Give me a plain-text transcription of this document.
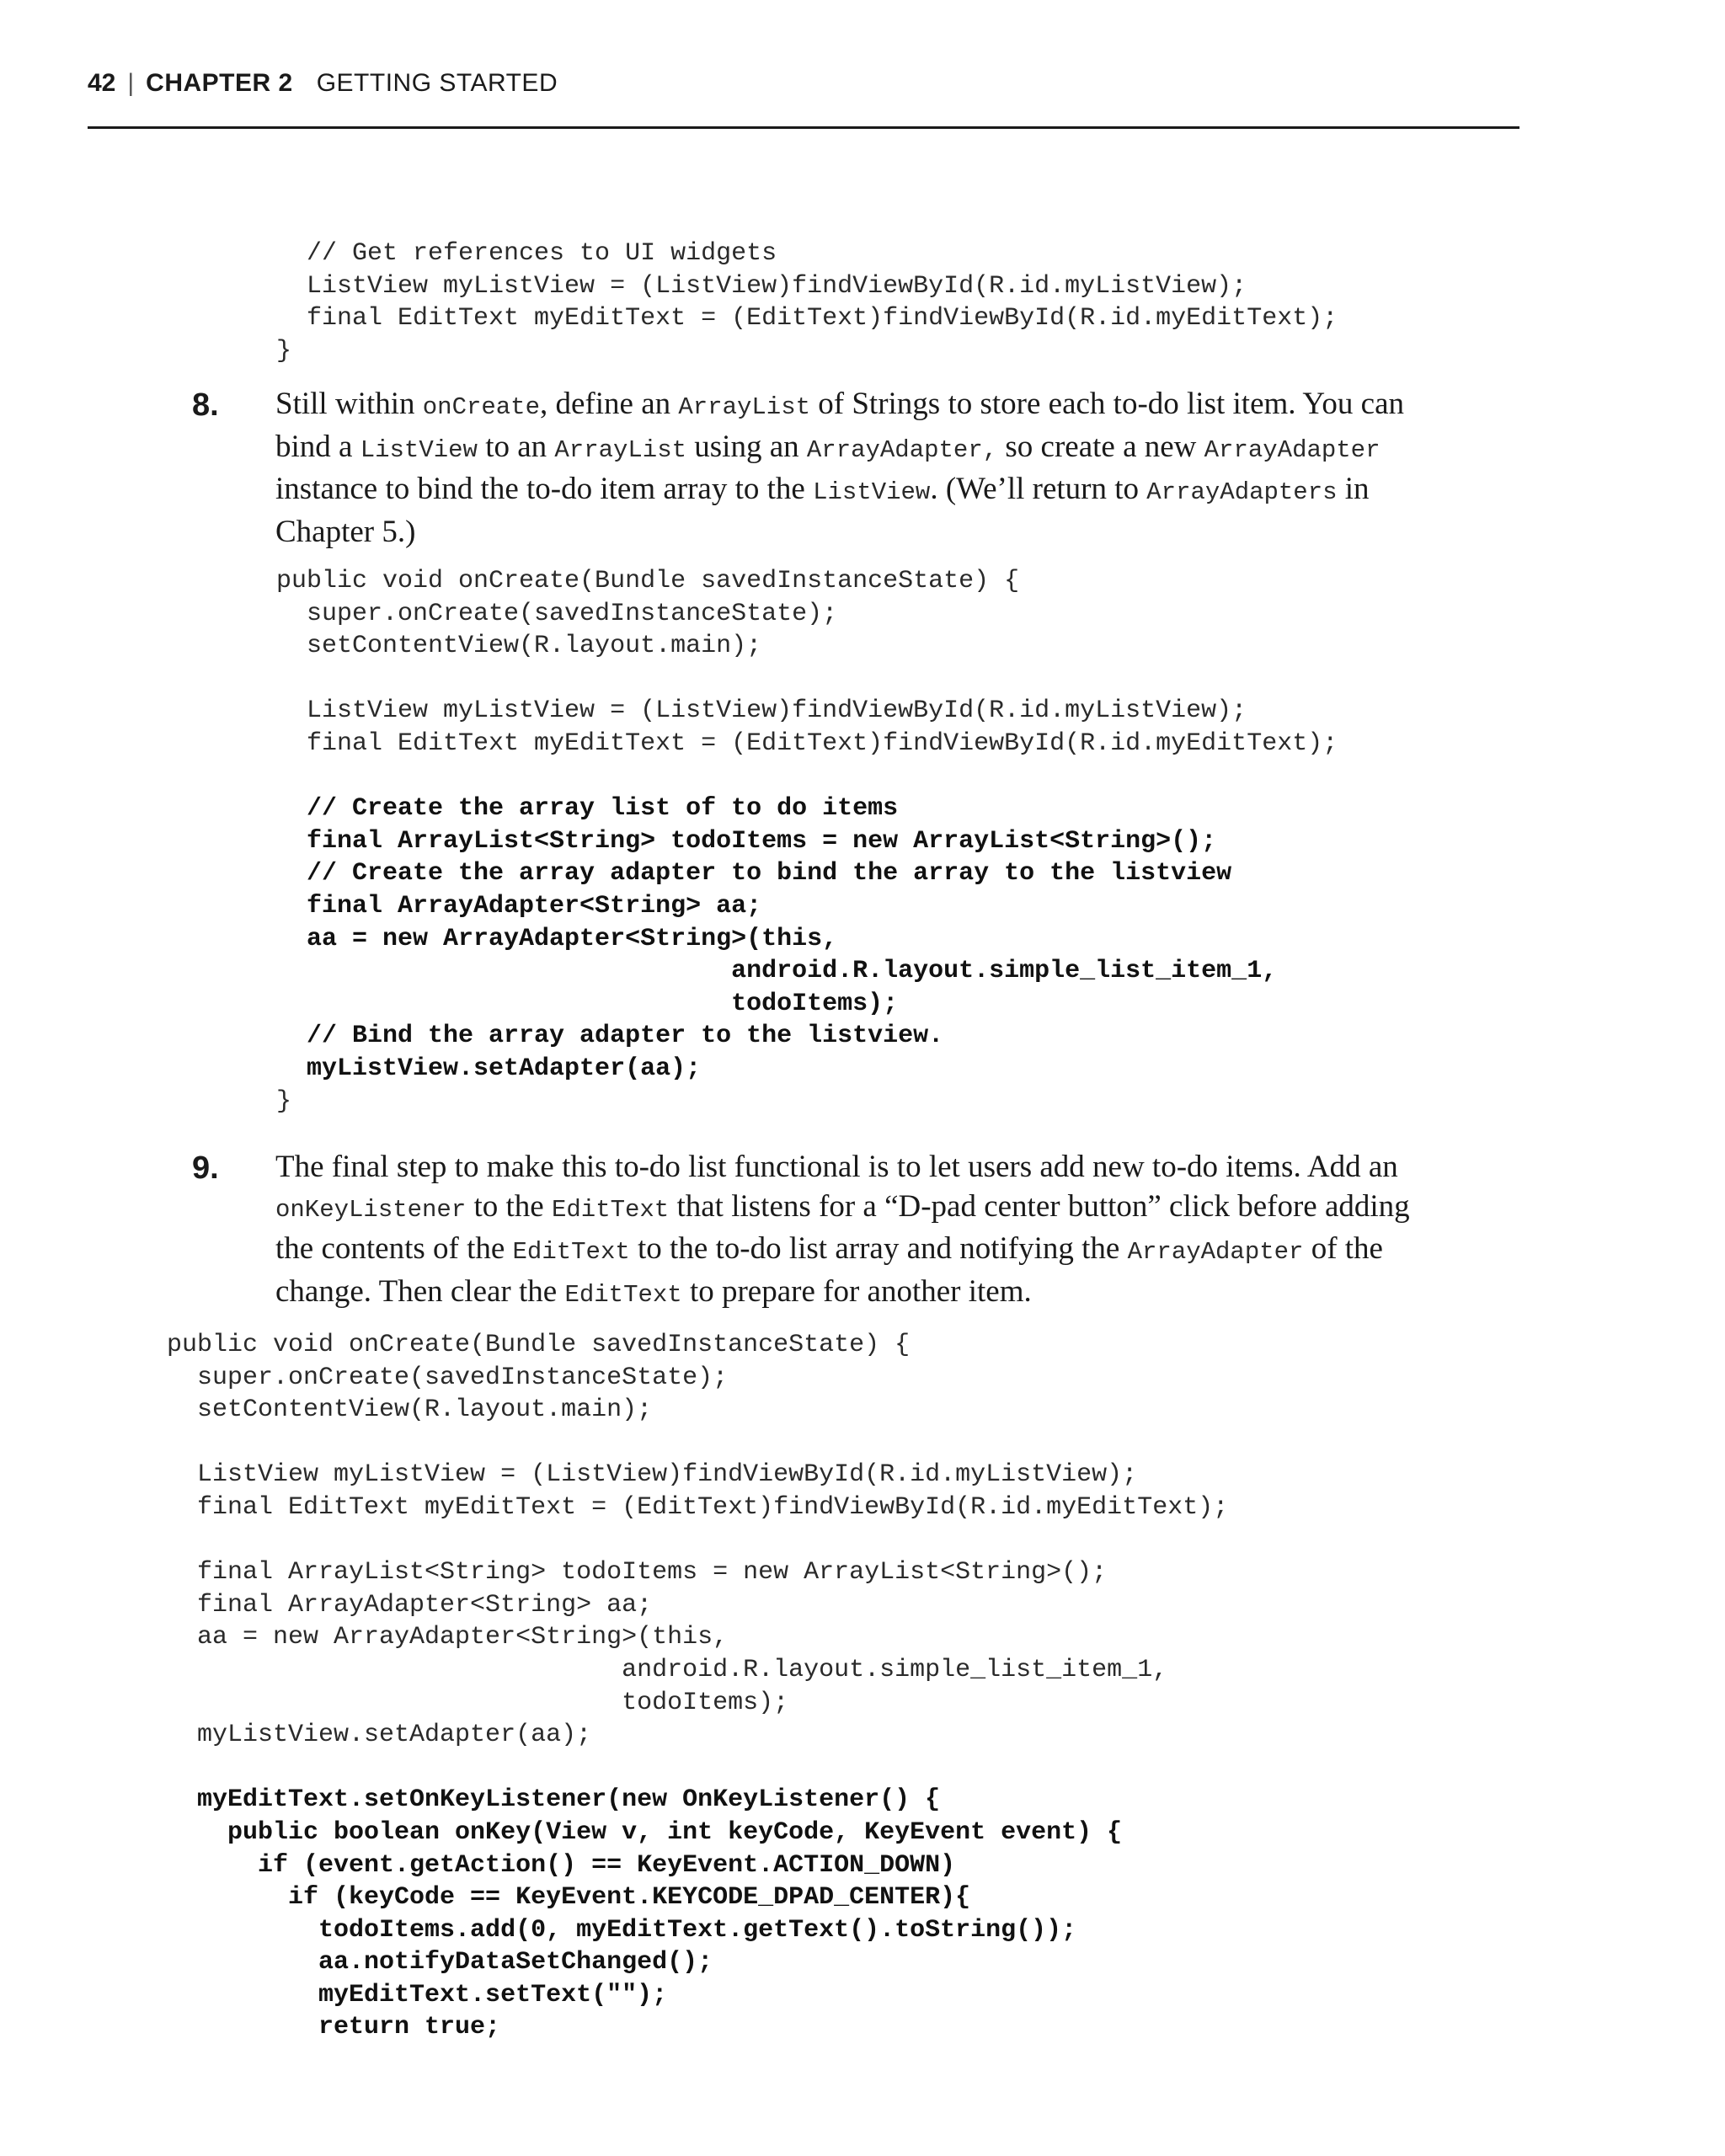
42 | CHAPTER 2 GETTING STARTED
// Get references to UI widgets
ListView myListView = (ListView)findViewById(R.id.myListView);
final EditText myEditText = (EditText)findViewById(R.id.myEditText);
}
8. Still within onCreate, define an ArrayList of Strings to store each to-do list item. You can
bind a ListView to an ArrayList using an ArrayAdapter, so create a new ArrayAdapter
instance to bind the to-do item array to the ListView. (We’ll return to ArrayAdapters in
Chapter 5.)
public void onCreate(Bundle savedInstanceState) {
super.onCreate(savedInstanceState);
setContentView(R.layout.main);
ListView myListView = (ListView)findViewById(R.id.myListView);
final EditText myEditText = (EditText)findViewById(R.id.myEditText);
// Create the array list of to do items
final ArrayList<String> todoItems = new ArrayList<String>();
// Create the array adapter to bind the array to the listview
final ArrayAdapter<String> aa;
aa = new ArrayAdapter<String>(this,
android.R.layout.simple_list_item_1,
todoItems);
// Bind the array adapter to the listview.
myListView.setAdapter(aa);
}
9. The final step to make this to-do list functional is to let users add new to-do items. Add an
onKeyListener to the EditText that listens for a “D-pad center button” click before adding
the contents of the EditText to the to-do list array and notifying the ArrayAdapter of the
change. Then clear the EditText to prepare for another item.
public void onCreate(Bundle savedInstanceState) {
super.onCreate(savedInstanceState);
setContentView(R.layout.main);
ListView myListView = (ListView)findViewById(R.id.myListView);
final EditText myEditText = (EditText)findViewById(R.id.myEditText);
final ArrayList<String> todoItems = new ArrayList<String>();
final ArrayAdapter<String> aa;
aa = new ArrayAdapter<String>(this,
android.R.layout.simple_list_item_1,
todoItems);
myListView.setAdapter(aa);
myEditText.setOnKeyListener(new OnKeyListener() {
public boolean onKey(View v, int keyCode, KeyEvent event) {
if (event.getAction() == KeyEvent.ACTION_DOWN)
if (keyCode == KeyEvent.KEYCODE_DPAD_CENTER){
todoItems.add(0, myEditText.getText().toString());
aa.notifyDataSetChanged();
myEditText.setText("");
return true;
